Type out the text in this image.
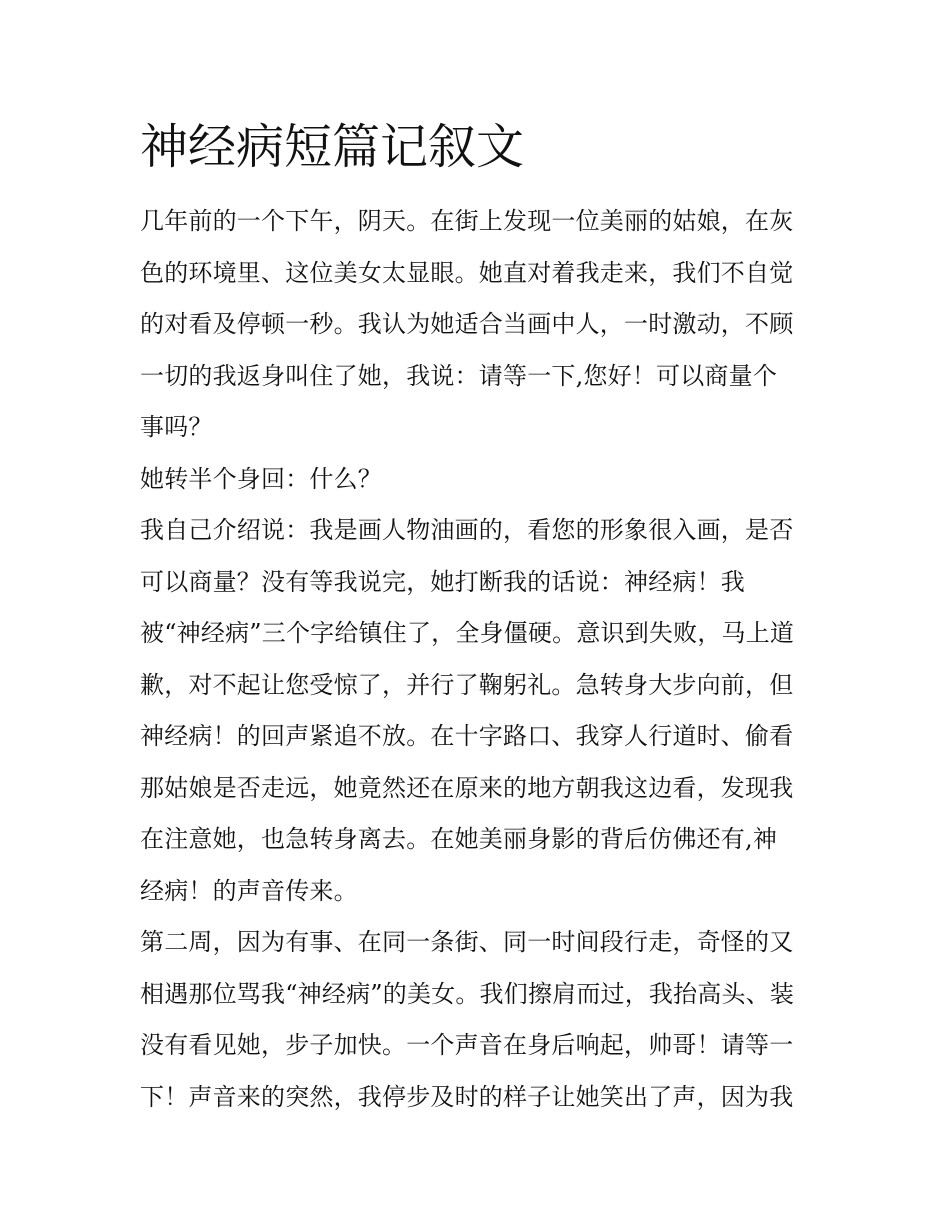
神经病短篇记叙文
几年前的一个下午，阴天。在街上发现一位美丽的姑娘，在灰
色的环境里、这位美女太显眼。她直对着我走来，我们不自觉
的对看及停顿一秒。我认为她适合当画中人，一时激动，不顾
一切的我返身叫住了她，我说：请等一下,您好！可以商量个
事吗？
她转半个身回：什么？
我自己介绍说：我是画人物油画的，看您的形象很入画，是否
可以商量？没有等我说完，她打断我的话说：神经病！我
被“神经病”三个字给镇住了，全身僵硬。意识到失败，马上道
歉，对不起让您受惊了，并行了鞠躬礼。急转身大步向前，但
神经病！的回声紧追不放。在十字路口、我穿人行道时、偷看
那姑娘是否走远，她竟然还在原来的地方朝我这边看，发现我
在注意她，也急转身离去。在她美丽身影的背后仿佛还有,神
经病！的声音传来。
第二周，因为有事、在同一条街、同一时间段行走，奇怪的又
相遇那位骂我“神经病”的美女。我们擦肩而过，我抬高头、装
没有看见她，步子加快。一个声音在身后响起，帅哥！请等一
下！声音来的突然，我停步及时的样子让她笑出了声，因为我
